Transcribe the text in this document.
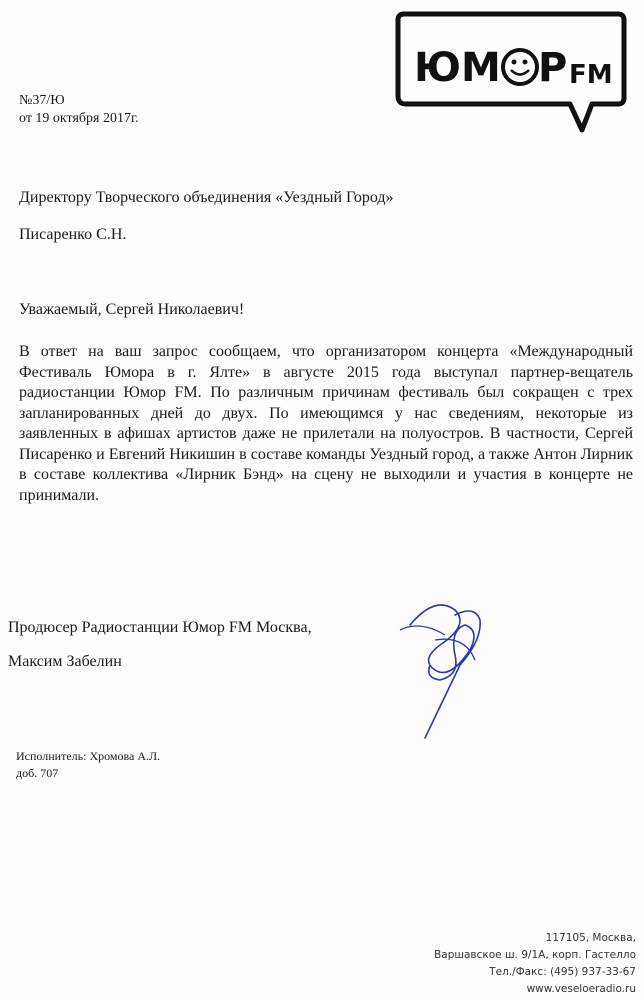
ЮМ Р FM
№37/Ю
от 19 октября 2017г.
Директору Творческого объединения «Уездный Город»
Писаренко С.Н.
Уважаемый, Сергей Николаевич!
В ответ на ваш запрос сообщаем, что организатором концерта «Международный Фестиваль Юмора в г. Ялте» в августе 2015 года выступал партнер-вещатель радиостанции Юмор FM. По различным причинам фестиваль был сокращен с трех запланированных дней до двух. По имеющимся у нас сведениям, некоторые из заявленных в афишах артистов даже не прилетали на полуостров. В частности, Сергей Писаренко и Евгений Никишин в составе команды Уездный город, а также Антон Лирник в составе коллектива «Лирник Бэнд» на сцену не выходили и участия в концерте не принимали.
Продюсер Радиостанции Юмор FM Москва,
Максим Забелин
Исполнитель: Хромова А.Л.
доб. 707
117105, Москва,
Варшавское ш. 9/1А, корп. Гастелло
Тел./Факс: (495) 937-33-67
www.veseloeradio.ru
